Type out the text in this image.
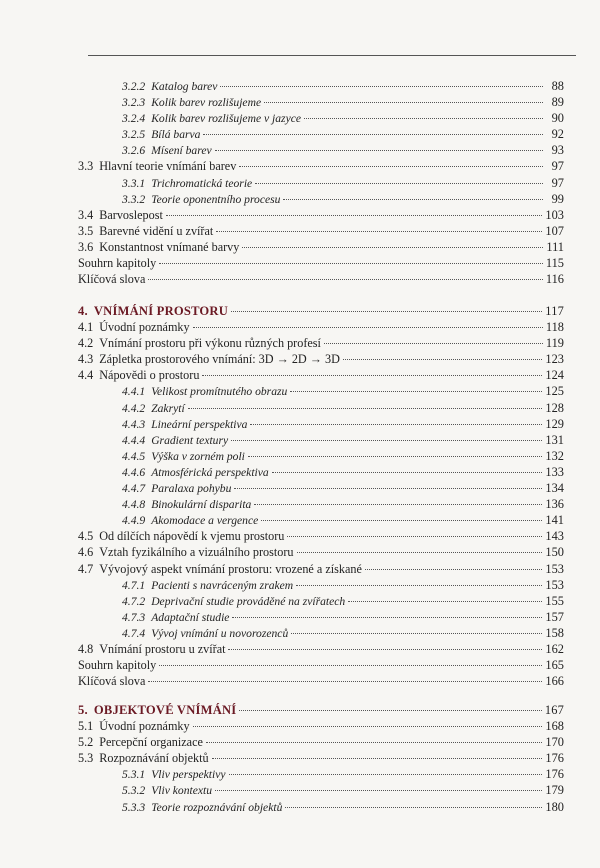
3.2.2 Katalog barev	88
3.2.3 Kolik barev rozlišujeme	89
3.2.4 Kolik barev rozlišujeme v jazyce	90
3.2.5 Bílá barva	92
3.2.6 Mísení barev	93
3.3 Hlavní teorie vnímání barev	97
3.3.1 Trichromatická teorie	97
3.3.2 Teorie oponentního procesu	99
3.4 Barvoslepost	103
3.5 Barevné vidění u zvířat	107
3.6 Konstantnost vnímané barvy	111
Souhrn kapitoly	115
Klíčová slova	116
4. VNÍMÁNÍ PROSTORU	117
4.1 Úvodní poznámky	118
4.2 Vnímání prostoru při výkonu různých profesí	119
4.3 Zápletka prostorového vnímání: 3D → 2D → 3D	123
4.4 Nápovědi o prostoru	124
4.4.1 Velikost promítnutého obrazu	125
4.4.2 Zakrytí	128
4.4.3 Lineární perspektiva	129
4.4.4 Gradient textury	131
4.4.5 Výška v zorném poli	132
4.4.6 Atmosférická perspektiva	133
4.4.7 Paralaxa pohybu	134
4.4.8 Binokulární disparita	136
4.4.9 Akomodace a vergence	141
4.5 Od dílčích nápovědí k vjemu prostoru	143
4.6 Vztah fyzikálního a vizuálního prostoru	150
4.7 Vývojový aspekt vnímání prostoru: vrozené a získané	153
4.7.1 Pacienti s navráceným zrakem	153
4.7.2 Deprivační studie prováděné na zvířatech	155
4.7.3 Adaptační studie	157
4.7.4 Vývoj vnímání u novorozenců	158
4.8 Vnímání prostoru u zvířat	162
Souhrn kapitoly	165
Klíčová slova	166
5. OBJEKTOVÉ VNÍMÁNÍ	167
5.1 Úvodní poznámky	168
5.2 Percepční organizace	170
5.3 Rozpoznávání objektů	176
5.3.1 Vliv perspektivy	176
5.3.2 Vliv kontextu	179
5.3.3 Teorie rozpoznávání objektů	180
